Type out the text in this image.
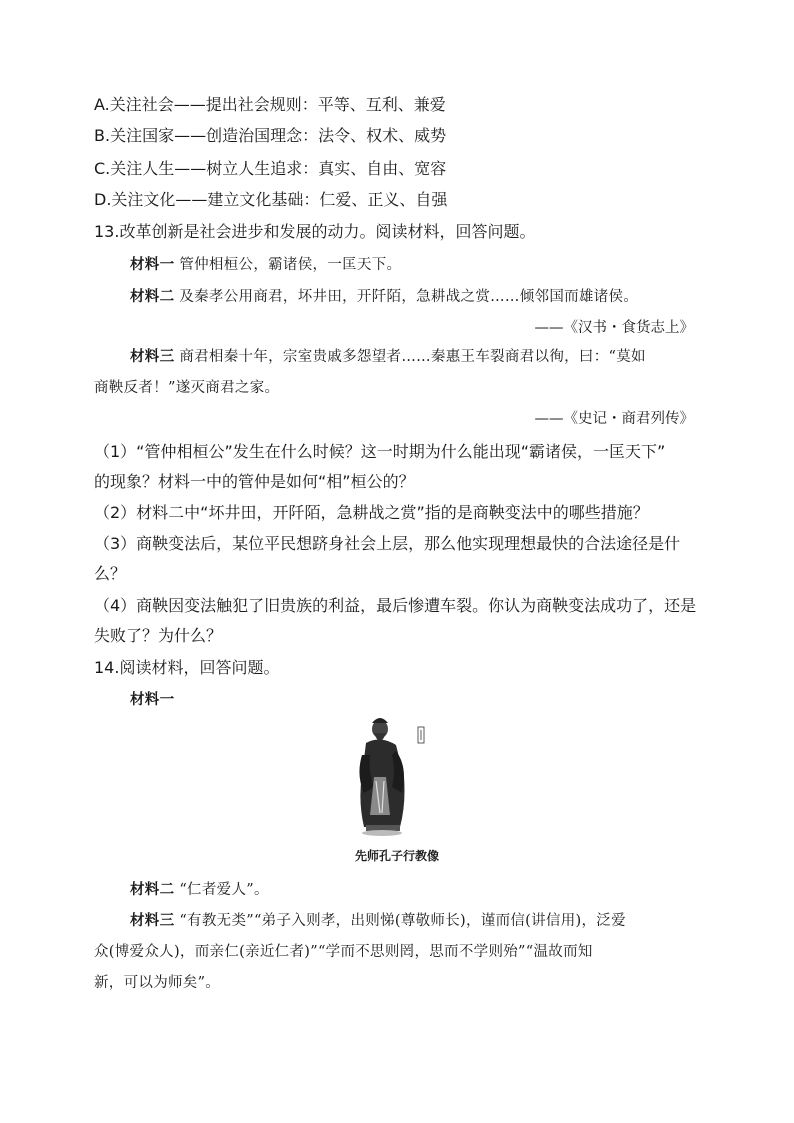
A.关注社会——提出社会规则：平等、互利、兼爱
B.关注国家——创造治国理念：法令、权术、威势
C.关注人生——树立人生追求：真实、自由、宽容
D.关注文化——建立文化基础：仁爱、正义、自强
13.改革创新是社会进步和发展的动力。阅读材料，回答问题。
材料一 管仲相桓公，霸诸侯，一匡天下。
材料二 及秦孝公用商君，坏井田，开阡陌，急耕战之赏……倾邻国而雄诸侯。
——《汉书・食货志上》
材料三 商君相秦十年，宗室贵戚多怨望者……秦惠王车裂商君以徇，曰：“莫如
商鞅反者！”遂灭商君之家。
——《史记・商君列传》
（1）“管仲相桓公”发生在什么时候？这一时期为什么能出现“霸诸侯，一匡天下”
的现象？材料一中的管仲是如何“相”桓公的？
（2）材料二中“坏井田，开阡陌，急耕战之赏”指的是商鞅变法中的哪些措施？
（3）商鞅变法后，某位平民想跻身社会上层，那么他实现理想最快的合法途径是什
么？
（4）商鞅因变法触犯了旧贵族的利益，最后惨遭车裂。你认为商鞅变法成功了，还是
失败了？为什么？
14.阅读材料，回答问题。
材料一
先师孔子行教像
材料二 “仁者爱人”。
材料三 “有教无类”“弟子入则孝，出则悌(尊敬师长)，谨而信(讲信用)，泛爱
众(博爱众人)，而亲仁(亲近仁者)”“学而不思则罔，思而不学则殆”“温故而知
新，可以为师矣”。
